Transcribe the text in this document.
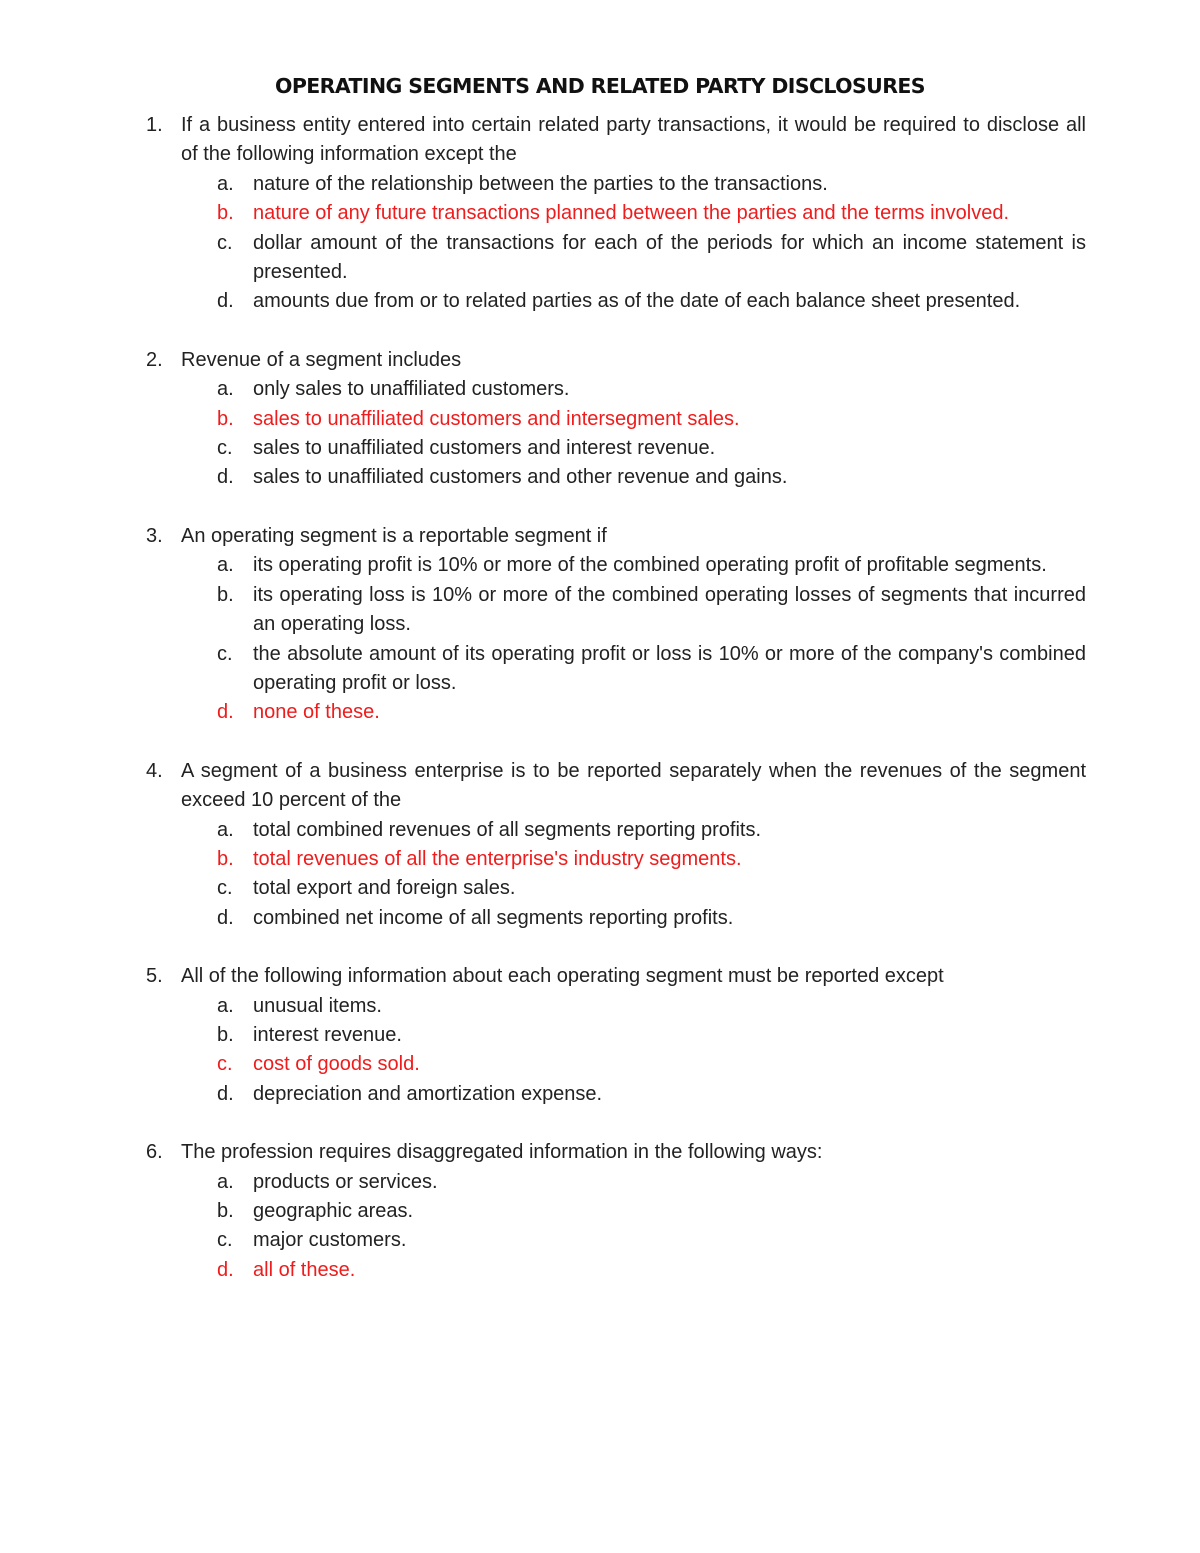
OPERATING SEGMENTS AND RELATED PARTY DISCLOSURES
1. If a business entity entered into certain related party transactions, it would be required to disclose all of the following information except the
a. nature of the relationship between the parties to the transactions.
b. nature of any future transactions planned between the parties and the terms involved.
c. dollar amount of the transactions for each of the periods for which an income statement is presented.
d. amounts due from or to related parties as of the date of each balance sheet presented.
2. Revenue of a segment includes
a. only sales to unaffiliated customers.
b. sales to unaffiliated customers and intersegment sales.
c. sales to unaffiliated customers and interest revenue.
d. sales to unaffiliated customers and other revenue and gains.
3. An operating segment is a reportable segment if
a. its operating profit is 10% or more of the combined operating profit of profitable segments.
b. its operating loss is 10% or more of the combined operating losses of segments that incurred an operating loss.
c. the absolute amount of its operating profit or loss is 10% or more of the company's combined operating profit or loss.
d. none of these.
4. A segment of a business enterprise is to be reported separately when the revenues of the segment exceed 10 percent of the
a. total combined revenues of all segments reporting profits.
b. total revenues of all the enterprise's industry segments.
c. total export and foreign sales.
d. combined net income of all segments reporting profits.
5. All of the following information about each operating segment must be reported except
a. unusual items.
b. interest revenue.
c. cost of goods sold.
d. depreciation and amortization expense.
6. The profession requires disaggregated information in the following ways:
a. products or services.
b. geographic areas.
c. major customers.
d. all of these.
